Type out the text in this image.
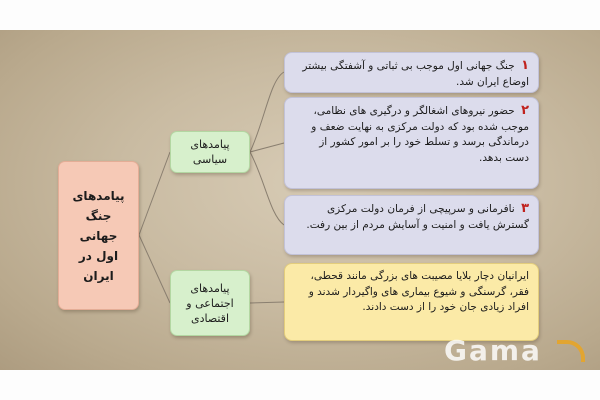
پیامدهای
جنگ جهانی
اول در ایران
پیامدهای
سیاسی
پیامدهای
اجتماعی و
اقتصادی
۱ جنگ جهانی اول موجب بی ثباتی و آشفتگی بیشتر اوضاع ایران شد.
۲ حضور نیروهای اشغالگر و درگیری های نظامی، موجب شده بود که دولت مرکزی به نهایت ضعف و درماندگی برسد و تسلط خود را بر امور کشور از دست بدهد.
۳ نافرمانی و سرپیچی از فرمان دولت مرکزی گسترش یافت و امنیت و آسایش مردم از بین رفت.
ایرانیان دچار بلایا مصیبت های بزرگی مانند قحطی، فقر، گرسنگی و شیوع بیماری های واگیردار شدند و افراد زیادی جان خود را از دست دادند.
Gama
